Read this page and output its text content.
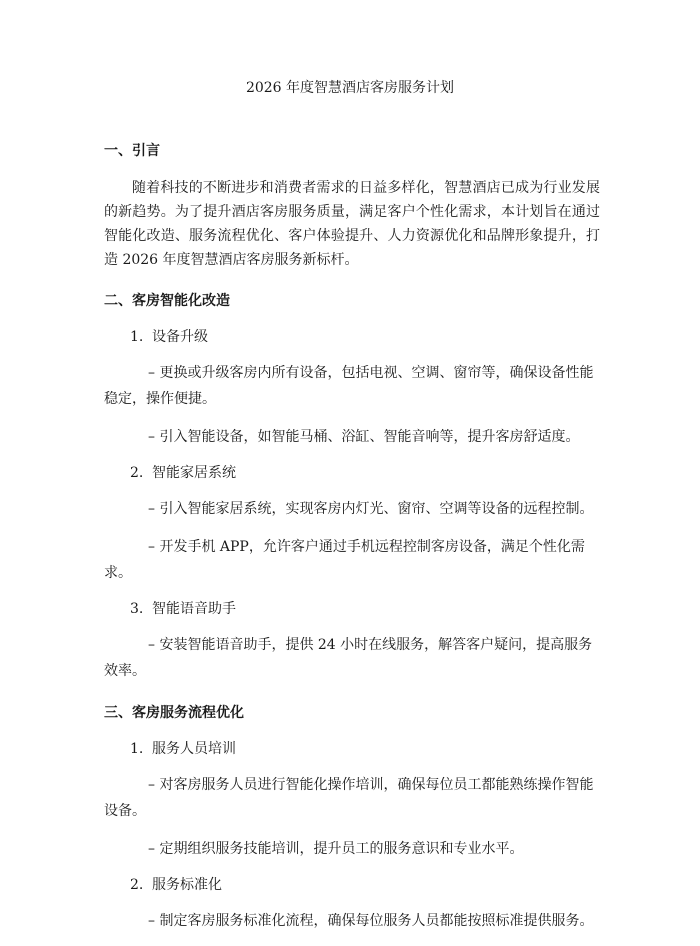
2026 年度智慧酒店客房服务计划
一、引言

随着科技的不断进步和消费者需求的日益多样化，智慧酒店已成为行业发展的新趋势。为了提升酒店客房服务质量，满足客户个性化需求，本计划旨在通过智能化改造、服务流程优化、客户体验提升、人力资源优化和品牌形象提升，打造 2026 年度智慧酒店客房服务新标杆。

二、客房智能化改造
1. 设备升级

– 更换或升级客房内所有设备，包括电视、空调、窗帘等，确保设备性能稳定，操作便捷。

– 引入智能设备，如智能马桶、浴缸、智能音响等，提升客房舒适度。

2. 智能家居系统

– 引入智能家居系统，实现客房内灯光、窗帘、空调等设备的远程控制。

– 开发手机 APP，允许客户通过手机远程控制客房设备，满足个性化需求。

3. 智能语音助手

– 安装智能语音助手，提供 24 小时在线服务，解答客户疑问，提高服务效率。

三、客房服务流程优化
1. 服务人员培训

– 对客房服务人员进行智能化操作培训，确保每位员工都能熟练操作智能设备。

– 定期组织服务技能培训，提升员工的服务意识和专业水平。

2. 服务标准化

– 制定客房服务标准化流程，确保每位服务人员都能按照标准提供服务。
